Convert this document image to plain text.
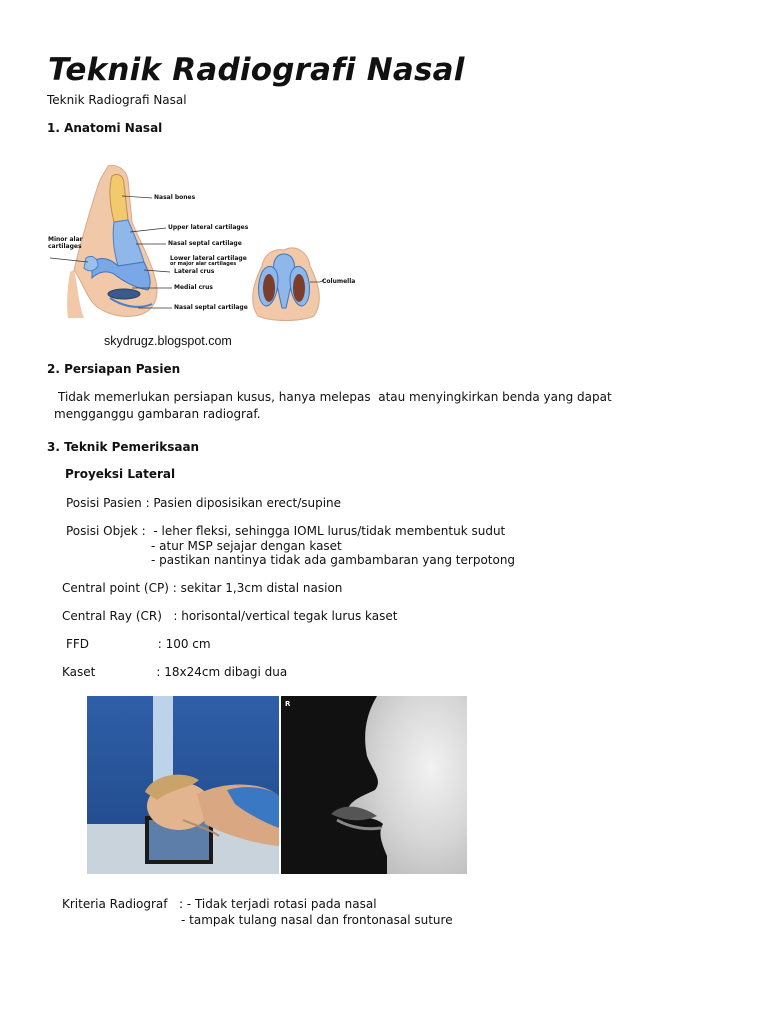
Teknik Radiografi Nasal
Teknik Radiografi Nasal
1. Anatomi Nasal
Nasal bones
Upper lateral cartilages
Nasal septal cartilage
Lower lateral cartilage
or major alar cartilages
Lateral crus
Medial crus
Nasal septal cartilage
Minor alar
cartilages
Columella
skydrugz.blogspot.com
2. Persiapan Pasien
Tidak memerlukan persiapan kusus, hanya melepas  atau menyingkirkan benda yang dapat
mengganggu gambaran radiograf.
3. Teknik Pemeriksaan
Proyeksi Lateral
Posisi Pasien : Pasien diposisikan erect/supine
Posisi Objek :  - leher fleksi, sehingga IOML lurus/tidak membentuk sudut
- atur MSP sejajar dengan kaset
- pastikan nantinya tidak ada gambambaran yang terpotong
Central point (CP) : sekitar 1,3cm distal nasion
Central Ray (CR)   : horisontal/vertical tegak lurus kaset
FFD                  : 100 cm
Kaset                : 18x24cm dibagi dua
R
Kriteria Radiograf   : - Tidak terjadi rotasi pada nasal
- tampak tulang nasal dan frontonasal suture
